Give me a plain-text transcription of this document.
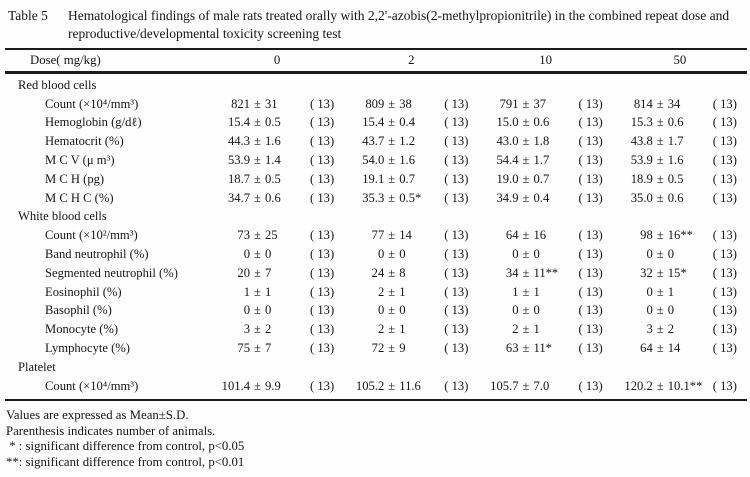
Table 5	Hematological findings of male rats treated orally with 2,2'-azobis(2-methylpropionitrile) in the combined repeat dose and reproductive/developmental toxicity screening test
Dose( mg/kg)	0	2	10	50
Red blood cells
Count (×10⁴/mm³)	821 ± 31	( 13)	809 ± 38	( 13)	791 ± 37	( 13)	814 ± 34	( 13)
Hemoglobin (g/dℓ)	15.4 ± 0.5	( 13)	15.4 ± 0.4	( 13)	15.0 ± 0.6	( 13)	15.3 ± 0.6	( 13)
Hematocrit (%)	44.3 ± 1.6	( 13)	43.7 ± 1.2	( 13)	43.0 ± 1.8	( 13)	43.8 ± 1.7	( 13)
M C V (μ m³)	53.9 ± 1.4	( 13)	54.0 ± 1.6	( 13)	54.4 ± 1.7	( 13)	53.9 ± 1.6	( 13)
M C H (pg)	18.7 ± 0.5	( 13)	19.1 ± 0.7	( 13)	19.0 ± 0.7	( 13)	18.9 ± 0.5	( 13)
M C H C (%)	34.7 ± 0.6	( 13)	35.3 ± 0.5*	( 13)	34.9 ± 0.4	( 13)	35.0 ± 0.6	( 13)
White blood cells
Count (×10²/mm³)	73 ± 25	( 13)	77 ± 14	( 13)	64 ± 16	( 13)	98 ± 16**	( 13)
Band neutrophil (%)	0 ± 0	( 13)	0 ± 0	( 13)	0 ± 0	( 13)	0 ± 0	( 13)
Segmented neutrophil (%)	20 ± 7	( 13)	24 ± 8	( 13)	34 ± 11**	( 13)	32 ± 15*	( 13)
Eosinophil (%)	1 ± 1	( 13)	2 ± 1	( 13)	1 ± 1	( 13)	0 ± 1	( 13)
Basophil (%)	0 ± 0	( 13)	0 ± 0	( 13)	0 ± 0	( 13)	0 ± 0	( 13)
Monocyte (%)	3 ± 2	( 13)	2 ± 1	( 13)	2 ± 1	( 13)	3 ± 2	( 13)
Lymphocyte (%)	75 ± 7	( 13)	72 ± 9	( 13)	63 ± 11*	( 13)	64 ± 14	( 13)
Platelet
Count (×10⁴/mm³)	101.4 ± 9.9	( 13)	105.2 ± 11.6	( 13)	105.7 ± 7.0	( 13)	120.2 ± 10.1** ( 13)
Values are expressed as Mean±S.D.
Parenthesis indicates number of animals.
* : significant difference from control, p<0.05
**: significant difference from control, p<0.01
